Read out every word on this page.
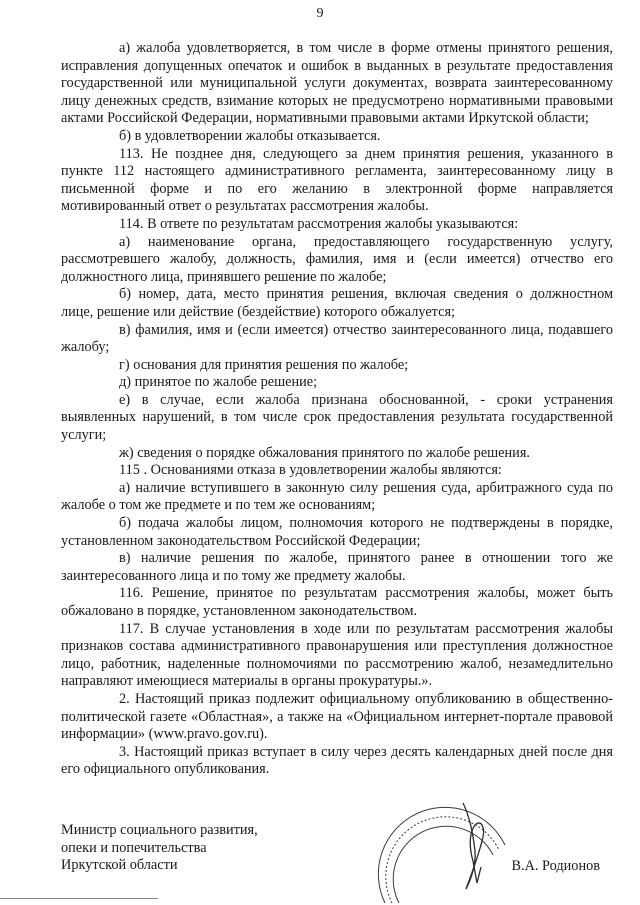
9

а) жалоба удовлетворяется, в том числе в форме отмены принятого решения, исправления допущенных опечаток и ошибок в выданных в результате предоставления государственной или муниципальной услуги документах, возврата заинтересованному лицу денежных средств, взимание которых не предусмотрено нормативными правовыми актами Российской Федерации, нормативными правовыми актами Иркутской области;

б) в удовлетворении жалобы отказывается.

113. Не позднее дня, следующего за днем принятия решения, указанного в пункте 112 настоящего административного регламента, заинтересованному лицу в письменной форме и по его желанию в электронной форме направляется мотивированный ответ о результатах рассмотрения жалобы.

114. В ответе по результатам рассмотрения жалобы указываются:

а) наименование органа, предоставляющего государственную услугу, рассмотревшего жалобу, должность, фамилия, имя и (если имеется) отчество его должностного лица, принявшего решение по жалобе;

б) номер, дата, место принятия решения, включая сведения о должностном лице, решение или действие (бездействие) которого обжалуется;

в) фамилия, имя и (если имеется) отчество заинтересованного лица, подавшего жалобу;

г) основания для принятия решения по жалобе;

д) принятое по жалобе решение;

е) в случае, если жалоба признана обоснованной, - сроки устранения выявленных нарушений, в том числе срок предоставления результата государственной услуги;

ж) сведения о порядке обжалования принятого по жалобе решения.

115 . Основаниями отказа в удовлетворении жалобы являются:

а) наличие вступившего в законную силу решения суда, арбитражного суда по жалобе о том же предмете и по тем же основаниям;

б) подача жалобы лицом, полномочия которого не подтверждены в порядке, установленном законодательством Российской Федерации;

в) наличие решения по жалобе, принятого ранее в отношении того же заинтересованного лица и по тому же предмету жалобы.

116. Решение, принятое по результатам рассмотрения жалобы, может быть обжаловано в порядке, установленном законодательством.

117. В случае установления в ходе или по результатам рассмотрения жалобы признаков состава административного правонарушения или преступления должностное лицо, работник, наделенные полномочиями по рассмотрению жалоб, незамедлительно направляют имеющиеся материалы в органы прокуратуры.».

2. Настоящий приказ подлежит официальному опубликованию в общественно-политической газете «Областная», а также на «Официальном интернет-портале правовой информации» (www.pravo.gov.ru).

3. Настоящий приказ вступает в силу через десять календарных дней после дня его официального опубликования.

Министр социального развития,
опеки и попечительства
Иркутской области	В.А. Родионов
